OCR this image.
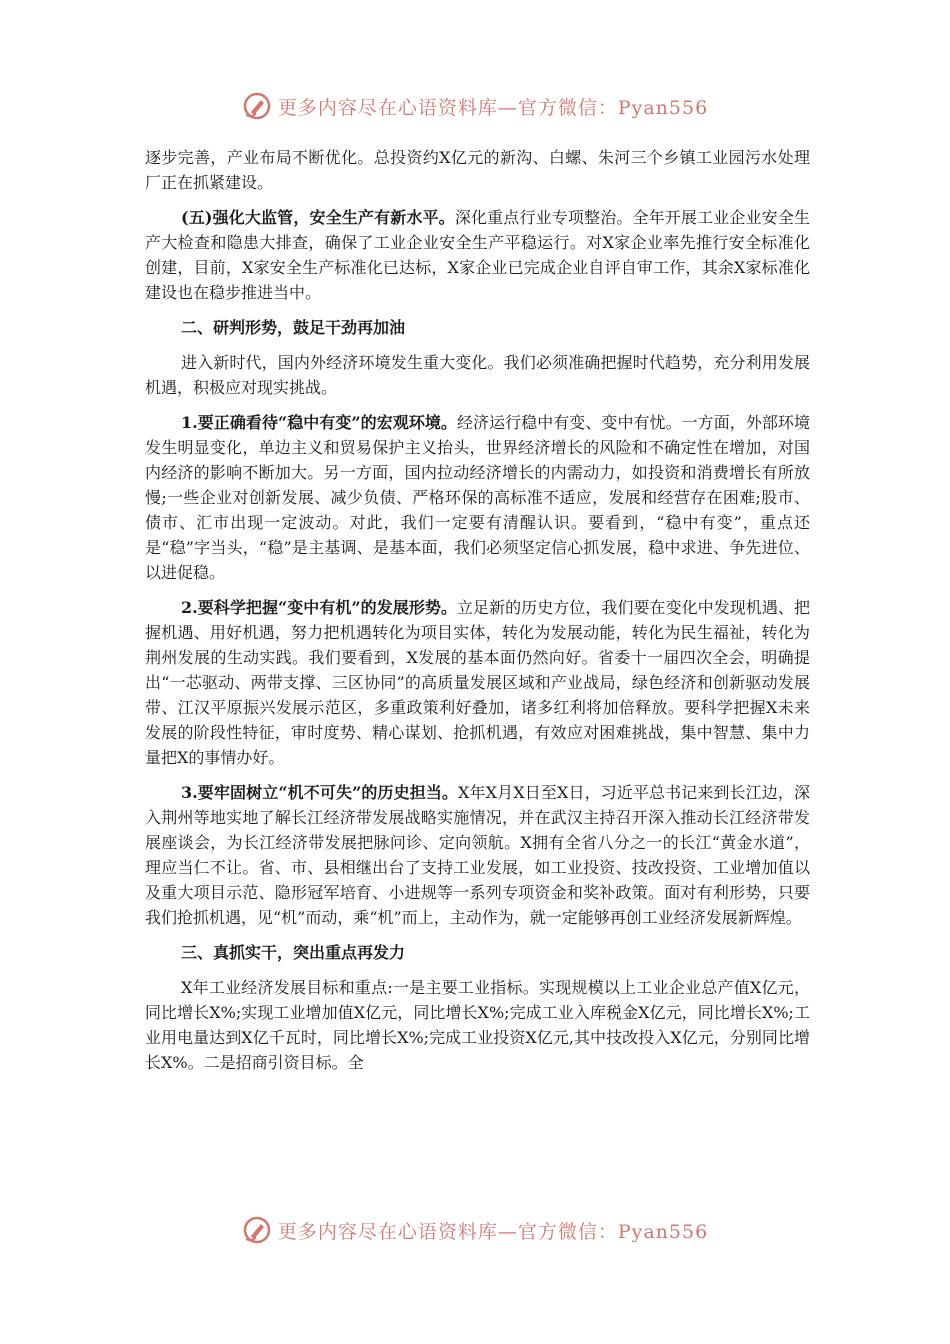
更多内容尽在心语资料库—官方微信：Pyan556

逐步完善，产业布局不断优化。总投资约X亿元的新沟、白螺、朱河三个乡镇工业园污水处理厂正在抓紧建设。

(五)强化大监管，安全生产有新水平。深化重点行业专项整治。全年开展工业企业安全生产大检查和隐患大排查，确保了工业企业安全生产平稳运行。对X家企业率先推行安全标准化创建，目前，X家安全生产标准化已达标，X家企业已完成企业自评自审工作，其余X家标准化建设也在稳步推进当中。

二、研判形势，鼓足干劲再加油

进入新时代，国内外经济环境发生重大变化。我们必须准确把握时代趋势，充分利用发展机遇，积极应对现实挑战。

1.要正确看待“稳中有变”的宏观环境。经济运行稳中有变、变中有忧。一方面，外部环境发生明显变化，单边主义和贸易保护主义抬头，世界经济增长的风险和不确定性在增加，对国内经济的影响不断加大。另一方面，国内拉动经济增长的内需动力，如投资和消费增长有所放慢;一些企业对创新发展、减少负债、严格环保的高标准不适应，发展和经营存在困难;股市、债市、汇市出现一定波动。对此，我们一定要有清醒认识。要看到，“稳中有变”，重点还是“稳”字当头，“稳”是主基调、是基本面，我们必须坚定信心抓发展，稳中求进、争先进位、以进促稳。

2.要科学把握“变中有机”的发展形势。立足新的历史方位，我们要在变化中发现机遇、把握机遇、用好机遇，努力把机遇转化为项目实体，转化为发展动能，转化为民生福祉，转化为荆州发展的生动实践。我们要看到，X发展的基本面仍然向好。省委十一届四次全会，明确提出“一芯驱动、两带支撑、三区协同”的高质量发展区域和产业战局，绿色经济和创新驱动发展带、江汉平原振兴发展示范区，多重政策利好叠加，诸多红利将加倍释放。要科学把握X未来发展的阶段性特征，审时度势、精心谋划、抢抓机遇，有效应对困难挑战，集中智慧、集中力量把X的事情办好。

3.要牢固树立“机不可失”的历史担当。X年X月X日至X日，习近平总书记来到长江边，深入荆州等地实地了解长江经济带发展战略实施情况，并在武汉主持召开深入推动长江经济带发展座谈会，为长江经济带发展把脉问诊、定向领航。X拥有全省八分之一的长江“黄金水道”，理应当仁不让。省、市、县相继出台了支持工业发展，如工业投资、技改投资、工业增加值以及重大项目示范、隐形冠军培育、小进规等一系列专项资金和奖补政策。面对有利形势，只要我们抢抓机遇，见“机”而动，乘“机”而上，主动作为，就一定能够再创工业经济发展新辉煌。

三、真抓实干，突出重点再发力

X年工业经济发展目标和重点:一是主要工业指标。实现规模以上工业企业总产值X亿元，同比增长X%;实现工业增加值X亿元，同比增长X%;完成工业入库税金X亿元，同比增长X%;工业用电量达到X亿千瓦时，同比增长X%;完成工业投资X亿元,其中技改投入X亿元，分别同比增长X%。二是招商引资目标。全

更多内容尽在心语资料库—官方微信：Pyan556
